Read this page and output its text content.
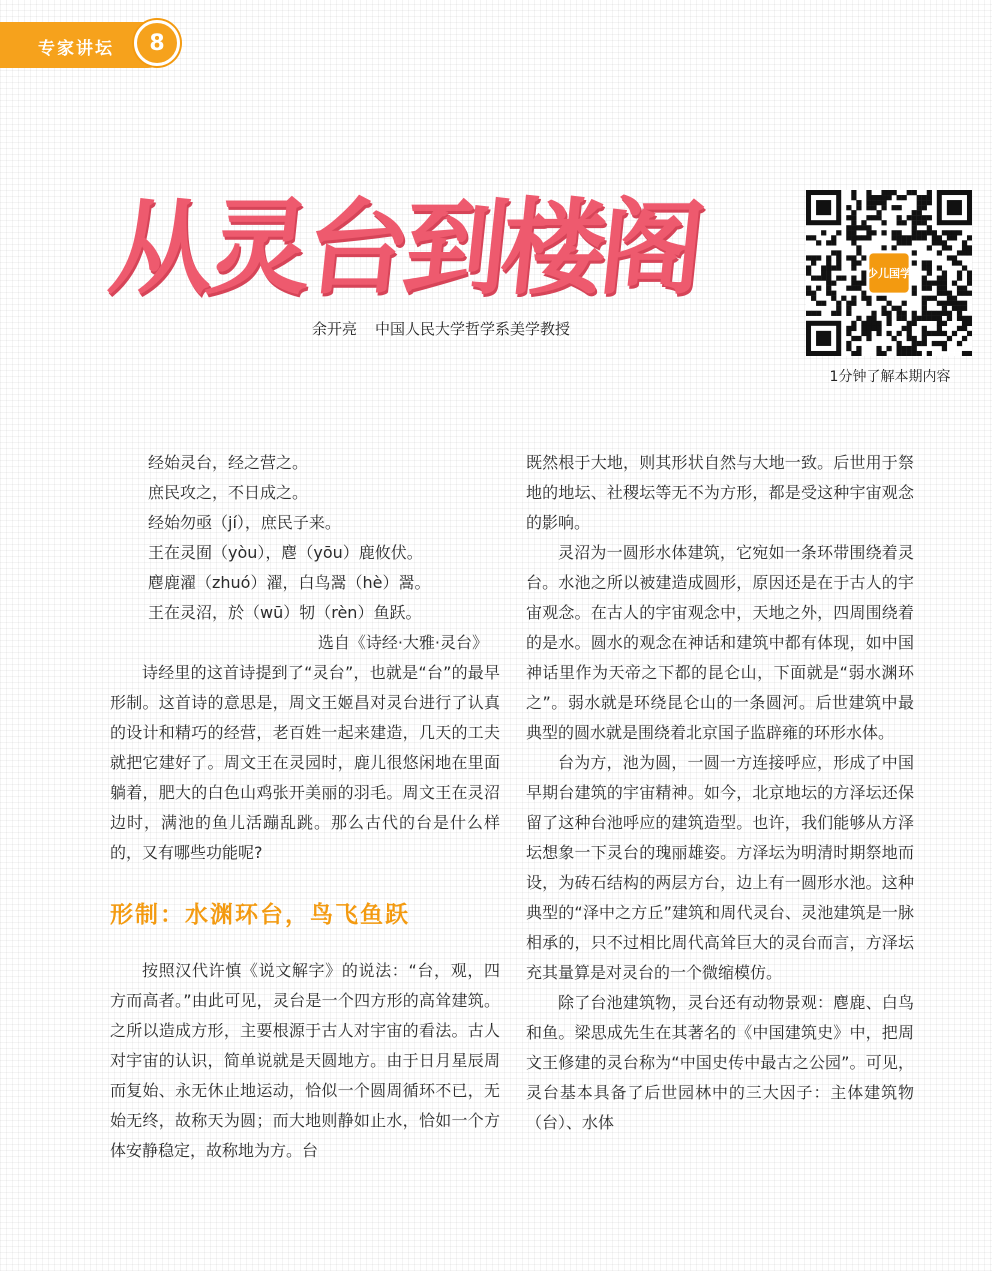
专家讲坛	8
从灵台到楼阁
余开亮 中国人民大学哲学系美学教授
少儿国学
1分钟了解本期内容
经始灵台，经之营之。
庶民攻之，不日成之。
经始勿亟（jí），庶民子来。
王在灵囿（yòu），麀（yōu）鹿攸伏。
麀鹿濯（zhuó）濯，白鸟翯（hè）翯。
王在灵沼，於（wū）牣（rèn）鱼跃。
选自《诗经·大雅·灵台》

诗经里的这首诗提到了“灵台”，也就是“台”的最早形制。这首诗的意思是，周文王姬昌对灵台进行了认真的设计和精巧的经营，老百姓一起来建造，几天的工夫就把它建好了。周文王在灵园时，鹿儿很悠闲地在里面躺着，肥大的白色山鸡张开美丽的羽毛。周文王在灵沼边时，满池的鱼儿活蹦乱跳。那么古代的台是什么样的，又有哪些功能呢?

形制：水渊环台，鸟飞鱼跃

按照汉代许慎《说文解字》的说法：“台，观，四方而高者。”由此可见，灵台是一个四方形的高耸建筑。之所以造成方形，主要根源于古人对宇宙的看法。古人对宇宙的认识，简单说就是天圆地方。由于日月星辰周而复始、永无休止地运动，恰似一个圆周循环不已，无始无终，故称天为圆；而大地则静如止水，恰如一个方体安静稳定，故称地为方。台

既然根于大地，则其形状自然与大地一致。后世用于祭地的地坛、社稷坛等无不为方形，都是受这种宇宙观念的影响。

灵沼为一圆形水体建筑，它宛如一条环带围绕着灵台。水池之所以被建造成圆形，原因还是在于古人的宇宙观念。在古人的宇宙观念中，天地之外，四周围绕着的是水。圆水的观念在神话和建筑中都有体现，如中国神话里作为天帝之下都的昆仑山，下面就是“弱水渊环之”。弱水就是环绕昆仑山的一条圆河。后世建筑中最典型的圆水就是围绕着北京国子监辟雍的环形水体。

台为方，池为圆，一圆一方连接呼应，形成了中国早期台建筑的宇宙精神。如今，北京地坛的方泽坛还保留了这种台池呼应的建筑造型。也许，我们能够从方泽坛想象一下灵台的瑰丽雄姿。方泽坛为明清时期祭地而设，为砖石结构的两层方台，边上有一圆形水池。这种典型的“泽中之方丘”建筑和周代灵台、灵池建筑是一脉相承的，只不过相比周代高耸巨大的灵台而言，方泽坛充其量算是对灵台的一个微缩模仿。

除了台池建筑物，灵台还有动物景观：麀鹿、白鸟和鱼。梁思成先生在其著名的《中国建筑史》中，把周文王修建的灵台称为“中国史传中最古之公园”。可见，灵台基本具备了后世园林中的三大因子：主体建筑物（台）、水体
